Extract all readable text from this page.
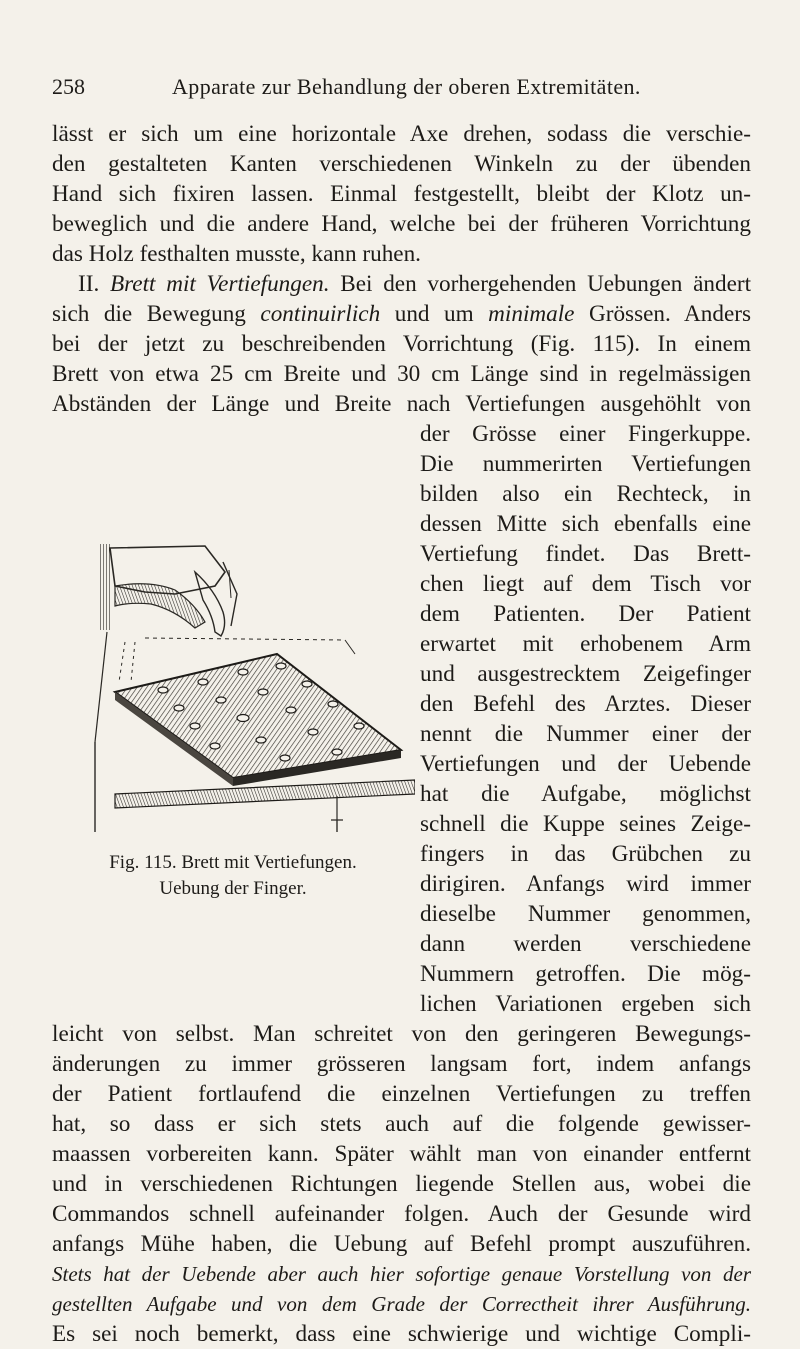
258	Apparate zur Behandlung der oberen Extremitäten.
lässt er sich um eine horizontale Axe drehen, sodass die verschie-
den gestalteten Kanten verschiedenen Winkeln zu der übenden
Hand sich fixiren lassen. Einmal festgestellt, bleibt der Klotz un-
beweglich und die andere Hand, welche bei der früheren Vorrichtung
das Holz festhalten musste, kann ruhen.
II. Brett mit Vertiefungen. Bei den vorhergehenden Uebungen ändert
sich die Bewegung continuirlich und um minimale Grössen. Anders
bei der jetzt zu beschreibenden Vorrichtung (Fig. 115). In einem
Brett von etwa 25 cm Breite und 30 cm Länge sind in regelmässigen
Abständen der Länge und Breite nach Vertiefungen ausgehöhlt von
der Grösse einer Fingerkuppe.
Die nummerirten Vertiefungen
bilden also ein Rechteck, in
dessen Mitte sich ebenfalls eine
Vertiefung findet. Das Brett-
chen liegt auf dem Tisch vor
dem Patienten. Der Patient
erwartet mit erhobenem Arm
und ausgestrecktem Zeigefinger
den Befehl des Arztes. Dieser
nennt die Nummer einer der
Vertiefungen und der Uebende
hat die Aufgabe, möglichst
schnell die Kuppe seines Zeige-
fingers in das Grübchen zu
dirigiren. Anfangs wird immer
dieselbe Nummer genommen,
dann werden verschiedene
Nummern getroffen. Die mög-
lichen Variationen ergeben sich
Fig. 115. Brett mit Vertiefungen.
Uebung der Finger.
leicht von selbst. Man schreitet von den geringeren Bewegungs-
änderungen zu immer grösseren langsam fort, indem anfangs
der Patient fortlaufend die einzelnen Vertiefungen zu treffen
hat, so dass er sich stets auch auf die folgende gewisser-
maassen vorbereiten kann. Später wählt man von einander entfernt
und in verschiedenen Richtungen liegende Stellen aus, wobei die
Commandos schnell aufeinander folgen. Auch der Gesunde wird
anfangs Mühe haben, die Uebung auf Befehl prompt auszuführen.
Stets hat der Uebende aber auch hier sofortige genaue Vorstellung von der
gestellten Aufgabe und von dem Grade der Correctheit ihrer Ausführung.
Es sei noch bemerkt, dass eine schwierige und wichtige Compli-
